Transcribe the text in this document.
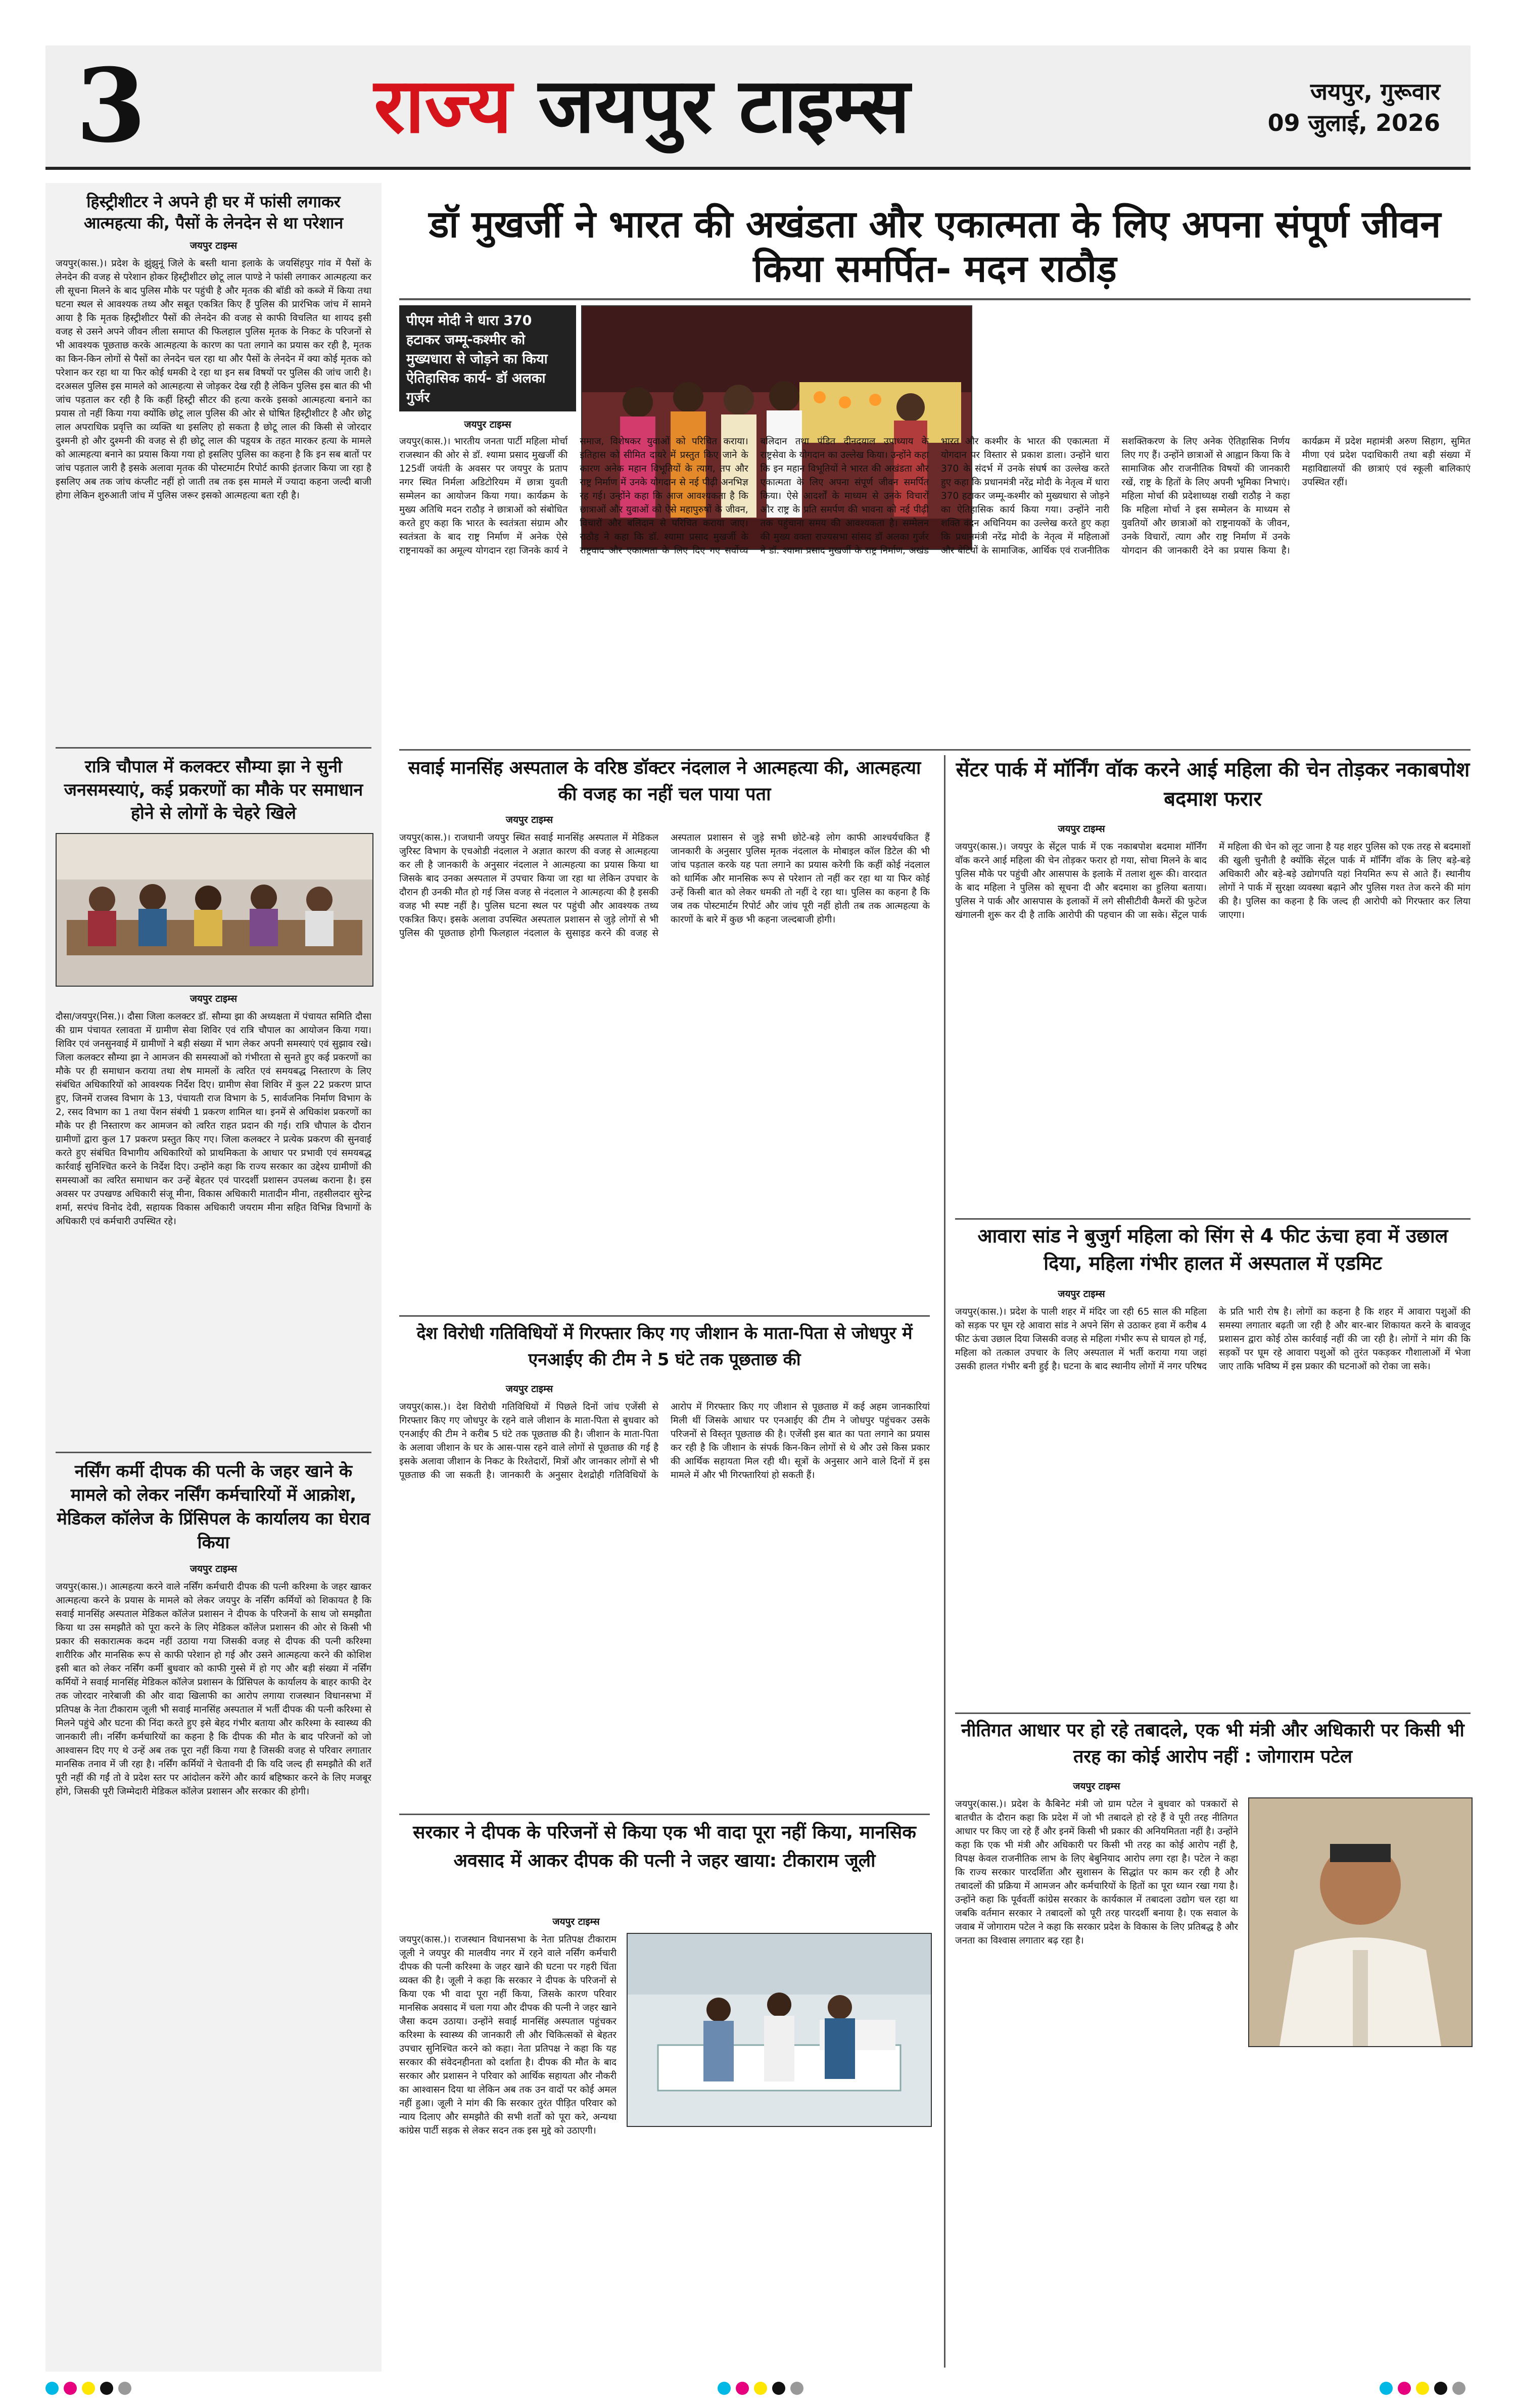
3	राज्य जयपुर टाइम्स	जयपुर, गुरूवार
09 जुलाई, 2026
हिस्ट्रीशीटर ने अपने ही घर में फांसी लगाकर आत्महत्या की, पैसों के लेनदेन से था परेशान
जयपुर टाइम्स
जयपुर(कास.)। प्रदेश के झुंझुनूं जिले के बस्ती थाना इलाके के जयसिंहपुर गांव में पैसों के लेनदेन की वजह से परेशान होकर हिस्ट्रीशीटर छोटू लाल पाण्डे ने फांसी लगाकर आत्महत्या कर ली सूचना मिलने के बाद पुलिस मौके पर पहुंची है और मृतक की बॉडी को कब्जे में किया तथा घटना स्थल से आवश्यक तथ्य और सबूत एकत्रित किए हैं पुलिस की प्रारंभिक जांच में सामने आया है कि मृतक हिस्ट्रीशीटर पैसों की लेनदेन की वजह से काफी विचलित था शायद इसी वजह से उसने अपने जीवन लीला समाप्त की फिलहाल पुलिस मृतक के निकट के परिजनों से भी आवश्यक पूछताछ करके आत्महत्या के कारण का पता लगाने का प्रयास कर रही है, मृतक का किन-किन लोगों से पैसों का लेनदेन चल रहा था और पैसों के लेनदेन में क्या कोई मृतक को परेशान कर रहा था या फिर कोई धमकी दे रहा था इन सब विषयों पर पुलिस की जांच जारी है। दरअसल पुलिस इस मामले को आत्महत्या से जोड़कर देख रही है लेकिन पुलिस इस बात की भी जांच पड़ताल कर रही है कि कहीं हिस्ट्री सीटर की हत्या करके इसको आत्महत्या बनाने का प्रयास तो नहीं किया गया क्योंकि छोटू लाल पुलिस की ओर से घोषित हिस्ट्रीशीटर है और छोटू लाल अपराधिक प्रवृत्ति का व्यक्ति था इसलिए हो सकता है छोटू लाल की किसी से जोरदार दुश्मनी हो और दुश्मनी की वजह से ही छोटू लाल की पड़्यत्र के तहत मारकर हत्या के मामले को आत्महत्या बनाने का प्रयास किया गया हो इसलिए पुलिस का कहना है कि इन सब बातों पर जांच पड़ताल जारी है इसके अलावा मृतक की पोस्टमार्टम रिपोर्ट काफी इंतजार किया जा रहा है इसलिए अब तक जांच कंप्लीट नहीं हो जाती तब तक इस मामले में ज्यादा कहना जल्दी बाजी होगा लेकिन शुरुआती जांच में पुलिस जरूर इसको आत्महत्या बता रही है।
रात्रि चौपाल में कलक्टर सौम्या झा ने सुनी जनसमस्याएं, कई प्रकरणों का मौके पर समाधान होने से लोगों के चेहरे खिले
जयपुर टाइम्स
दौसा/जयपुर(निस.)। दौसा जिला कलक्टर डॉ. सौम्या झा की अध्यक्षता में पंचायत समिति दौसा की ग्राम पंचायत रलावता में ग्रामीण सेवा शिविर एवं रात्रि चौपाल का आयोजन किया गया। शिविर एवं जनसुनवाई में ग्रामीणों ने बड़ी संख्या में भाग लेकर अपनी समस्याएं एवं सुझाव रखे। जिला कलक्टर सौम्या झा ने आमजन की समस्याओं को गंभीरता से सुनते हुए कई प्रकरणों का मौके पर ही समाधान कराया तथा शेष मामलों के त्वरित एवं समयबद्ध निस्तारण के लिए संबंधित अधिकारियों को आवश्यक निर्देश दिए। ग्रामीण सेवा शिविर में कुल 22 प्रकरण प्राप्त हुए, जिनमें राजस्व विभाग के 13, पंचायती राज विभाग के 5, सार्वजनिक निर्माण विभाग के 2, रसद विभाग का 1 तथा पेंशन संबंधी 1 प्रकरण शामिल था। इनमें से अधिकांश प्रकरणों का मौके पर ही निस्तारण कर आमजन को त्वरित राहत प्रदान की गई। रात्रि चौपाल के दौरान ग्रामीणों द्वारा कुल 17 प्रकरण प्रस्तुत किए गए। जिला कलक्टर ने प्रत्येक प्रकरण की सुनवाई करते हुए संबंधित विभागीय अधिकारियों को प्राथमिकता के आधार पर प्रभावी एवं समयबद्ध कार्रवाई सुनिश्चित करने के निर्देश दिए। उन्होंने कहा कि राज्य सरकार का उद्देश्य ग्रामीणों की समस्याओं का त्वरित समाधान कर उन्हें बेहतर एवं पारदर्शी प्रशासन उपलब्ध कराना है। इस अवसर पर उपखण्ड अधिकारी संजू मीना, विकास अधिकारी मातादीन मीना, तहसीलदार सुरेन्द्र शर्मा, सरपंच विनोद देवी, सहायक विकास अधिकारी जयराम मीना सहित विभिन्न विभागों के अधिकारी एवं कर्मचारी उपस्थित रहे।
नर्सिंग कर्मी दीपक की पत्नी के जहर खाने के मामले को लेकर नर्सिंग कर्मचारियों में आक्रोश, मेडिकल कॉलेज के प्रिंसिपल के कार्यालय का घेराव किया
जयपुर टाइम्स
जयपुर(कास.)। आत्महत्या करने वाले नर्सिंग कर्मचारी दीपक की पत्नी करिश्मा के जहर खाकर आत्महत्या करने के प्रयास के मामले को लेकर जयपुर के नर्सिंग कर्मियों को शिकायत है कि सवाई मानसिंह अस्पताल मेडिकल कॉलेज प्रशासन ने दीपक के परिजनों के साथ जो समझौता किया था उस समझौते को पूरा करने के लिए मेडिकल कॉलेज प्रशासन की ओर से किसी भी प्रकार की सकारात्मक कदम नहीं उठाया गया जिसकी वजह से दीपक की पत्नी करिश्मा शारीरिक और मानसिक रूप से काफी परेशान हो गई और उसने आत्महत्या करने की कोशिश इसी बात को लेकर नर्सिंग कर्मी बुधवार को काफी गुस्से में हो गए और बड़ी संख्या में नर्सिंग कर्मियों ने सवाई मानसिंह मेडिकल कॉलेज प्रशासन के प्रिंसिपल के कार्यालय के बाहर काफी देर तक जोरदार नारेबाजी की और वादा खिलाफी का आरोप लगाया राजस्थान विधानसभा में प्रतिपक्ष के नेता टीकाराम जूली भी सवाई मानसिंह अस्पताल में भर्ती दीपक की पत्नी करिश्मा से मिलने पहुंचे और घटना की निंदा करते हुए इसे बेहद गंभीर बताया और करिश्मा के स्वास्थ्य की जानकारी ली। नर्सिंग कर्मचारियों का कहना है कि दीपक की मौत के बाद परिजनों को जो आश्वासन दिए गए थे उन्हें अब तक पूरा नहीं किया गया है जिसकी वजह से परिवार लगातार मानसिक तनाव में जी रहा है। नर्सिंग कर्मियों ने चेतावनी दी कि यदि जल्द ही समझौते की शर्तें पूरी नहीं की गईं तो वे प्रदेश स्तर पर आंदोलन करेंगे और कार्य बहिष्कार करने के लिए मजबूर होंगे, जिसकी पूरी जिम्मेदारी मेडिकल कॉलेज प्रशासन और सरकार की होगी।
डॉ मुखर्जी ने भारत की अखंडता और एकात्मता के लिए अपना संपूर्ण जीवन किया समर्पित- मदन राठौड़
पीएम मोदी ने धारा 370 हटाकर जम्मू-कश्मीर को मुख्यधारा से जोड़ने का किया ऐतिहासिक कार्य- डॉ अलका गुर्जर
जयपुर टाइम्स
जयपुर(कास.)। भारतीय जनता पार्टी महिला मोर्चा राजस्थान की ओर से डॉ. श्यामा प्रसाद मुखर्जी की 125वीं जयंती के अवसर पर जयपुर के प्रताप नगर स्थित निर्मला अडिटोरियम में छात्रा युवती सम्मेलन का आयोजन किया गया। कार्यक्रम के मुख्य अतिथि मदन राठौड़ ने छात्राओं को संबोधित करते हुए कहा कि भारत के स्वतंत्रता संग्राम और स्वतंत्रता के बाद राष्ट्र निर्माण में अनेक ऐसे राष्ट्रनायकों का अमूल्य योगदान रहा जिनके कार्य ने समाज, विशेषकर युवाओं को परिचित कराया। इतिहास को सीमित दायरे में प्रस्तुत किए जाने के कारण अनेक महान विभूतियों के त्याग, तप और राष्ट्र निर्माण में उनके योगदान से नई पीढ़ी अनभिज्ञ रह गई। उन्होंने कहा कि आज आवश्यकता है कि छात्राओं और युवाओं को ऐसे महापुरुषों के जीवन, विचारों और बलिदान से परिचित कराया जाए। राठौड़ ने कहा कि डॉ. श्यामा प्रसाद मुखर्जी के राष्ट्रवाद और एकात्मता के लिए दिए गए सर्वोच्च बलिदान तथा पंडित दीनदयाल उपाध्याय के राष्ट्रसेवा के योगदान का उल्लेख किया। उन्होंने कहा कि इन महान विभूतियों ने भारत की अखंडता और एकात्मता के लिए अपना संपूर्ण जीवन समर्पित किया। ऐसे आदर्शों के माध्यम से उनके विचारों और राष्ट्र के प्रति समर्पण की भावना को नई पीढ़ी तक पहुंचाना समय की आवश्यकता है। सम्मेलन की मुख्य वक्ता राज्यसभा सांसद डॉ अलका गुर्जर ने डॉ. श्यामा प्रसाद मुखर्जी के राष्ट्र निर्माण, अखंड भारत और कश्मीर के भारत की एकात्मता में योगदान पर विस्तार से प्रकाश डाला। उन्होंने धारा 370 के संदर्भ में उनके संघर्ष का उल्लेख करते हुए कहा कि प्रधानमंत्री नरेंद्र मोदी के नेतृत्व में धारा 370 हटाकर जम्मू-कश्मीर को मुख्यधारा से जोड़ने का ऐतिहासिक कार्य किया गया। उन्होंने नारी शक्ति वंदन अधिनियम का उल्लेख करते हुए कहा कि प्रधानमंत्री नरेंद्र मोदी के नेतृत्व में महिलाओं और बेटियों के सामाजिक, आर्थिक एवं राजनीतिक सशक्तिकरण के लिए अनेक ऐतिहासिक निर्णय लिए गए हैं। उन्होंने छात्राओं से आह्वान किया कि वे सामाजिक और राजनीतिक विषयों की जानकारी रखें, राष्ट्र के हितों के लिए अपनी भूमिका निभाएं। महिला मोर्चा की प्रदेशाध्यक्ष राखी राठौड़ ने कहा कि महिला मोर्चा ने इस सम्मेलन के माध्यम से युवतियों और छात्राओं को राष्ट्रनायकों के जीवन, उनके विचारों, त्याग और राष्ट्र निर्माण में उनके योगदान की जानकारी देने का प्रयास किया है। कार्यक्रम में प्रदेश महामंत्री अरुण सिहाग, सुमित मीणा एवं प्रदेश पदाधिकारी तथा बड़ी संख्या में महाविद्यालयों की छात्राएं एवं स्कूली बालिकाएं उपस्थित रहीं।
सवाई मानसिंह अस्पताल के वरिष्ठ डॉक्टर नंदलाल ने आत्महत्या की, आत्महत्या की वजह का नहीं चल पाया पता
जयपुर टाइम्स
जयपुर(कास.)। राजधानी जयपुर स्थित सवाई मानसिंह अस्पताल में मेडिकल जुरिस्ट विभाग के एचओडी नंदलाल ने अज्ञात कारण की वजह से आत्महत्या कर ली है जानकारी के अनुसार नंदलाल ने आत्महत्या का प्रयास किया था जिसके बाद उनका अस्पताल में उपचार किया जा रहा था लेकिन उपचार के दौरान ही उनकी मौत हो गई जिस वजह से नंदलाल ने आत्महत्या की है इसकी वजह भी स्पष्ट नहीं है। पुलिस घटना स्थल पर पहुंची और आवश्यक तथ्य एकत्रित किए। इसके अलावा उपस्थित अस्पताल प्रशासन से जुड़े लोगों से भी पुलिस की पूछताछ होगी फिलहाल नंदलाल के सुसाइड करने की वजह से अस्पताल प्रशासन से जुड़े सभी छोटे-बड़े लोग काफी आश्चर्यचकित हैं जानकारी के अनुसार पुलिस मृतक नंदलाल के मोबाइल कॉल डिटेल की भी जांच पड़ताल करके यह पता लगाने का प्रयास करेगी कि कहीं कोई नंदलाल को धार्मिक और मानसिक रूप से परेशान तो नहीं कर रहा था या फिर कोई उन्हें किसी बात को लेकर धमकी तो नहीं दे रहा था। पुलिस का कहना है कि जब तक पोस्टमार्टम रिपोर्ट और जांच पूरी नहीं होती तब तक आत्महत्या के कारणों के बारे में कुछ भी कहना जल्दबाजी होगी।
देश विरोधी गतिविधियों में गिरफ्तार किए गए जीशान के माता-पिता से जोधपुर में एनआईए की टीम ने 5 घंटे तक पूछताछ की
जयपुर टाइम्स
जयपुर(कास.)। देश विरोधी गतिविधियों में पिछले दिनों जांच एजेंसी से गिरफ्तार किए गए जोधपुर के रहने वाले जीशान के माता-पिता से बुधवार को एनआईए की टीम ने करीब 5 घंटे तक पूछताछ की है। जीशान के माता-पिता के अलावा जीशान के घर के आस-पास रहने वाले लोगों से पूछताछ की गई है इसके अलावा जीशान के निकट के रिश्तेदारों, मित्रों और जानकार लोगों से भी पूछताछ की जा सकती है। जानकारी के अनुसार देशद्रोही गतिविधियों के आरोप में गिरफ्तार किए गए जीशान से पूछताछ में कई अहम जानकारियां मिली थीं जिसके आधार पर एनआईए की टीम ने जोधपुर पहुंचकर उसके परिजनों से विस्तृत पूछताछ की है। एजेंसी इस बात का पता लगाने का प्रयास कर रही है कि जीशान के संपर्क किन-किन लोगों से थे और उसे किस प्रकार की आर्थिक सहायता मिल रही थी। सूत्रों के अनुसार आने वाले दिनों में इस मामले में और भी गिरफ्तारियां हो सकती हैं।
सरकार ने दीपक के परिजनों से किया एक भी वादा पूरा नहीं किया, मानसिक अवसाद में आकर दीपक की पत्नी ने जहर खाया: टीकाराम जूली
जयपुर टाइम्स
जयपुर(कास.)। राजस्थान विधानसभा के नेता प्रतिपक्ष टीकाराम जूली ने जयपुर की मालवीय नगर में रहने वाले नर्सिंग कर्मचारी दीपक की पत्नी करिश्मा के जहर खाने की घटना पर गहरी चिंता व्यक्त की है। जूली ने कहा कि सरकार ने दीपक के परिजनों से किया एक भी वादा पूरा नहीं किया, जिसके कारण परिवार मानसिक अवसाद में चला गया और दीपक की पत्नी ने जहर खाने जैसा कदम उठाया। उन्होंने सवाई मानसिंह अस्पताल पहुंचकर करिश्मा के स्वास्थ्य की जानकारी ली और चिकित्सकों से बेहतर उपचार सुनिश्चित करने को कहा। नेता प्रतिपक्ष ने कहा कि यह सरकार की संवेदनहीनता को दर्शाता है। दीपक की मौत के बाद सरकार और प्रशासन ने परिवार को आर्थिक सहायता और नौकरी का आश्वासन दिया था लेकिन अब तक उन वादों पर कोई अमल नहीं हुआ। जूली ने मांग की कि सरकार तुरंत पीड़ित परिवार को न्याय दिलाए और समझौते की सभी शर्तों को पूरा करे, अन्यथा कांग्रेस पार्टी सड़क से लेकर सदन तक इस मुद्दे को उठाएगी।
सेंटर पार्क में मॉर्निंग वॉक करने आई महिला की चेन तोड़कर नकाबपोश बदमाश फरार
जयपुर टाइम्स
जयपुर(कास.)। जयपुर के सेंट्रल पार्क में एक नकाबपोश बदमाश मॉर्निंग वॉक करने आई महिला की चेन तोड़कर फरार हो गया, सोचा मिलने के बाद पुलिस मौके पर पहुंची और आसपास के इलाके में तलाश शुरू की। वारदात के बाद महिला ने पुलिस को सूचना दी और बदमाश का हुलिया बताया। पुलिस ने पार्क और आसपास के इलाकों में लगे सीसीटीवी कैमरों की फुटेज खंगालनी शुरू कर दी है ताकि आरोपी की पहचान की जा सके। सेंट्रल पार्क में महिला की चेन को लूट जाना है यह शहर पुलिस को एक तरह से बदमाशों की खुली चुनौती है क्योंकि सेंट्रल पार्क में मॉर्निंग वॉक के लिए बड़े-बड़े अधिकारी और बड़े-बड़े उद्योगपति यहां नियमित रूप से आते हैं। स्थानीय लोगों ने पार्क में सुरक्षा व्यवस्था बढ़ाने और पुलिस गश्त तेज करने की मांग की है। पुलिस का कहना है कि जल्द ही आरोपी को गिरफ्तार कर लिया जाएगा।
आवारा सांड ने बुजुर्ग महिला को सिंग से 4 फीट ऊंचा हवा में उछाल दिया, महिला गंभीर हालत में अस्पताल में एडमिट
जयपुर टाइम्स
जयपुर(कास.)। प्रदेश के पाली शहर में मंदिर जा रही 65 साल की महिला को सड़क पर घूम रहे आवारा सांड ने अपने सिंग से उठाकर हवा में करीब 4 फीट ऊंचा उछाल दिया जिसकी वजह से महिला गंभीर रूप से घायल हो गई, महिला को तत्काल उपचार के लिए अस्पताल में भर्ती कराया गया जहां उसकी हालत गंभीर बनी हुई है। घटना के बाद स्थानीय लोगों में नगर परिषद के प्रति भारी रोष है। लोगों का कहना है कि शहर में आवारा पशुओं की समस्या लगातार बढ़ती जा रही है और बार-बार शिकायत करने के बावजूद प्रशासन द्वारा कोई ठोस कार्रवाई नहीं की जा रही है। लोगों ने मांग की कि सड़कों पर घूम रहे आवारा पशुओं को तुरंत पकड़कर गौशालाओं में भेजा जाए ताकि भविष्य में इस प्रकार की घटनाओं को रोका जा सके।
नीतिगत आधार पर हो रहे तबादले, एक भी मंत्री और अधिकारी पर किसी भी तरह का कोई आरोप नहीं : जोगाराम पटेल
जयपुर टाइम्स
जयपुर(कास.)। प्रदेश के कैबिनेट मंत्री जो ग्राम पटेल ने बुधवार को पत्रकारों से बातचीत के दौरान कहा कि प्रदेश में जो भी तबादले हो रहे हैं वे पूरी तरह नीतिगत आधार पर किए जा रहे हैं और इनमें किसी भी प्रकार की अनियमितता नहीं है। उन्होंने कहा कि एक भी मंत्री और अधिकारी पर किसी भी तरह का कोई आरोप नहीं है, विपक्ष केवल राजनीतिक लाभ के लिए बेबुनियाद आरोप लगा रहा है। पटेल ने कहा कि राज्य सरकार पारदर्शिता और सुशासन के सिद्धांत पर काम कर रही है और तबादलों की प्रक्रिया में आमजन और कर्मचारियों के हितों का पूरा ध्यान रखा गया है। उन्होंने कहा कि पूर्ववर्ती कांग्रेस सरकार के कार्यकाल में तबादला उद्योग चल रहा था जबकि वर्तमान सरकार ने तबादलों को पूरी तरह पारदर्शी बनाया है। एक सवाल के जवाब में जोगाराम पटेल ने कहा कि सरकार प्रदेश के विकास के लिए प्रतिबद्ध है और जनता का विश्वास लगातार बढ़ रहा है।
